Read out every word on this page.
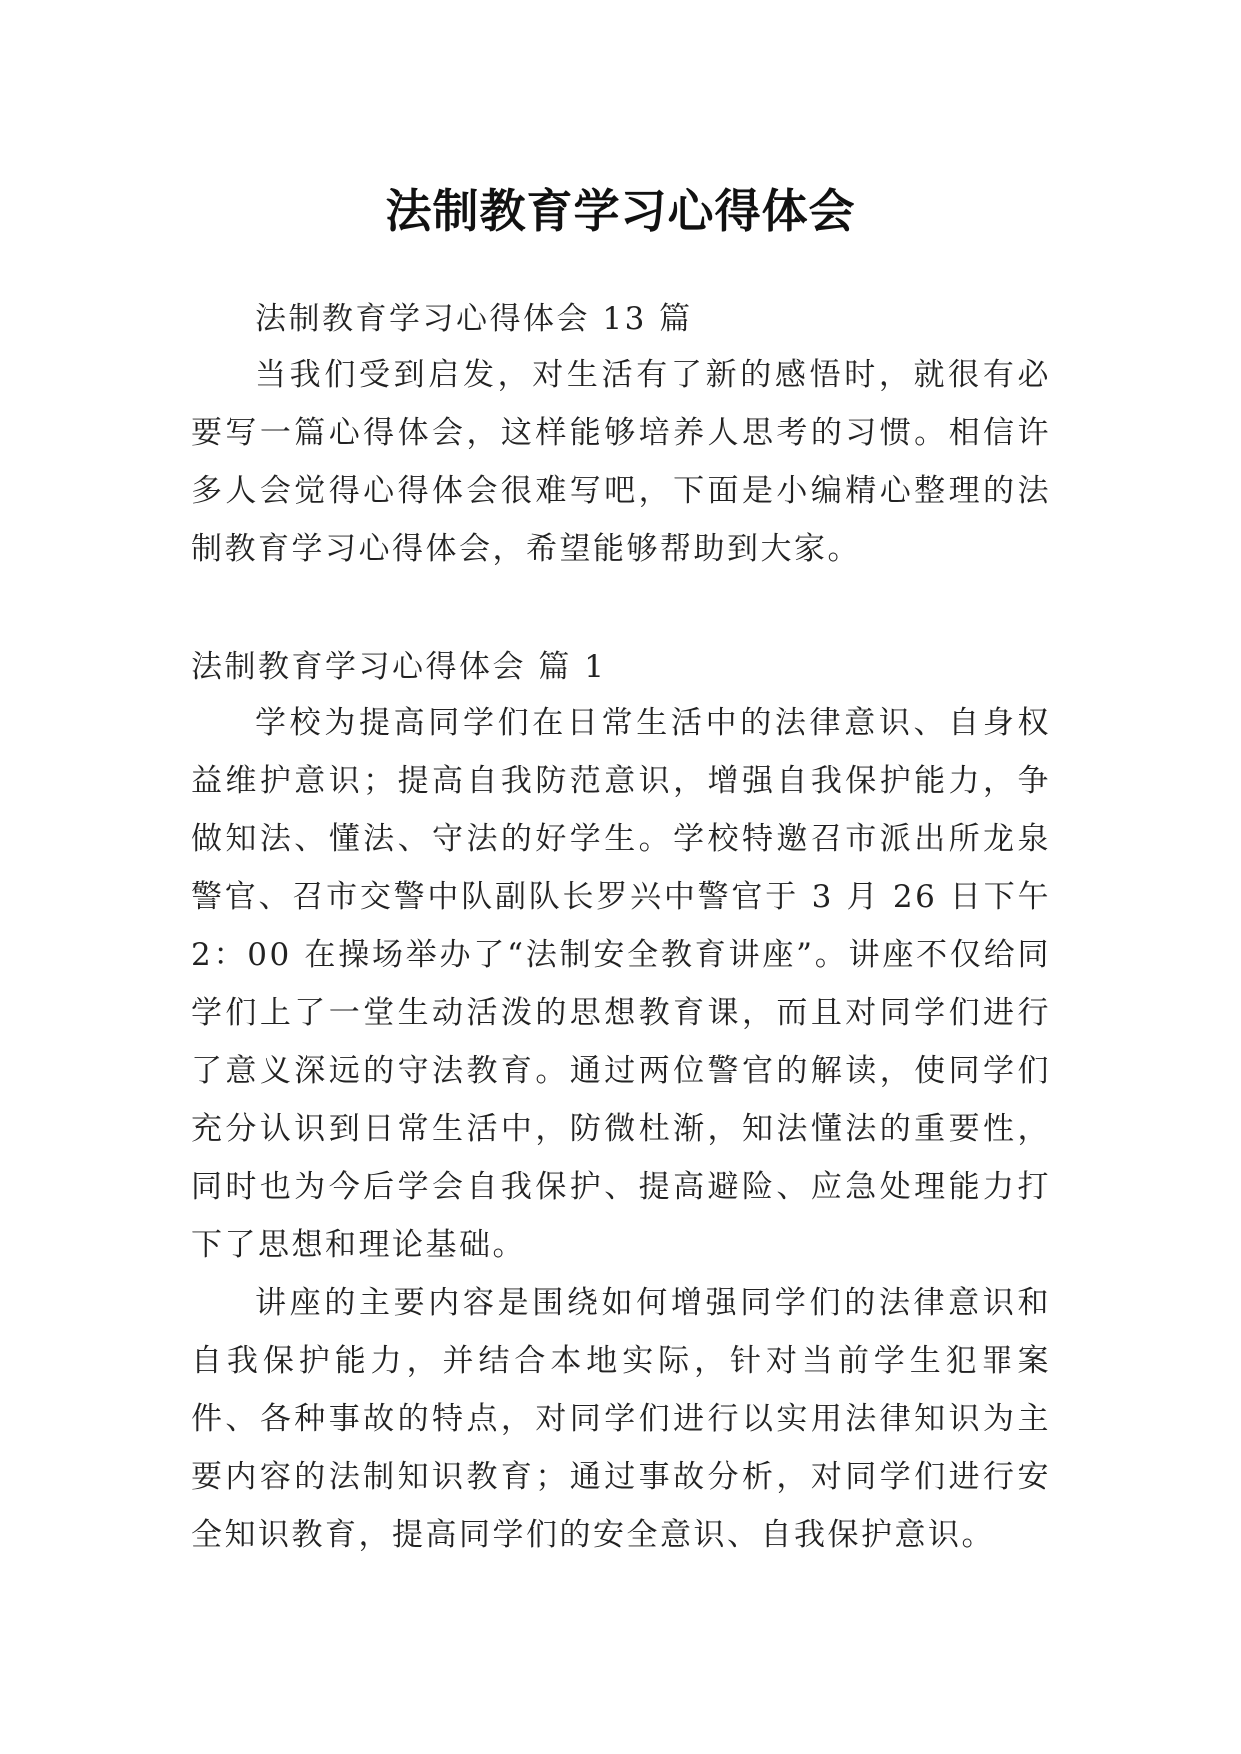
法制教育学习心得体会
法制教育学习心得体会 13 篇

当我们受到启发，对生活有了新的感悟时，就很有必要写一篇心得体会，这样能够培养人思考的习惯。相信许多人会觉得心得体会很难写吧，下面是小编精心整理的法制教育学习心得体会，希望能够帮助到大家。

法制教育学习心得体会 篇 1

学校为提高同学们在日常生活中的法律意识、自身权益维护意识；提高自我防范意识，增强自我保护能力，争做知法、懂法、守法的好学生。学校特邀召市派出所龙泉警官、召市交警中队副队长罗兴中警官于 3 月 26 日下午 2：00 在操场举办了“法制安全教育讲座”。讲座不仅给同学们上了一堂生动活泼的思想教育课，而且对同学们进行了意义深远的守法教育。通过两位警官的解读，使同学们充分认识到日常生活中，防微杜渐，知法懂法的重要性，同时也为今后学会自我保护、提高避险、应急处理能力打下了思想和理论基础。

讲座的主要内容是围绕如何增强同学们的法律意识和自我保护能力，并结合本地实际，针对当前学生犯罪案件、各种事故的特点，对同学们进行以实用法律知识为主要内容的法制知识教育；通过事故分析，对同学们进行安全知识教育，提高同学们的安全意识、自我保护意识。
